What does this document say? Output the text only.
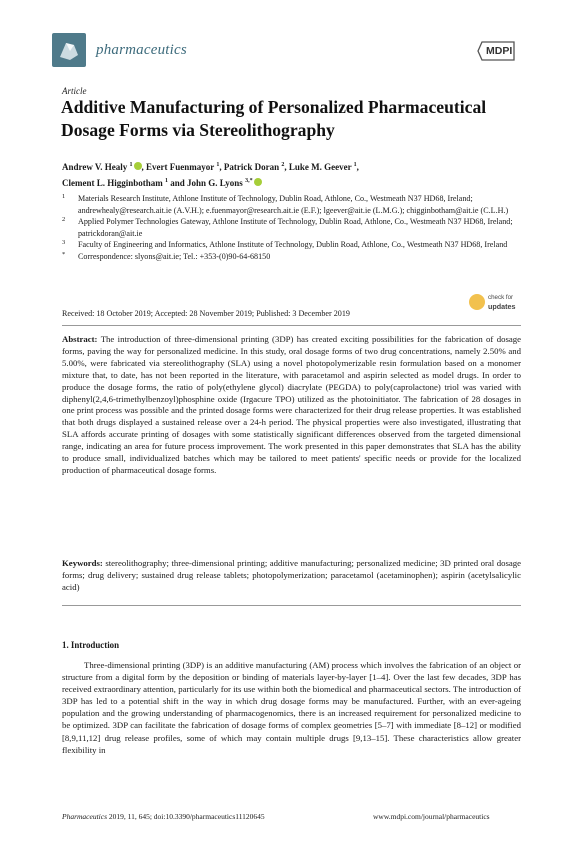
pharmaceutics	MDPI
Article
Additive Manufacturing of Personalized Pharmaceutical Dosage Forms via Stereolithography
Andrew V. Healy $^1$ , Evert Fuenmayor $^1$, Patrick Doran $^2$, Luke M. Geever $^1$,
Clement L. Higginbotham $^1$ and John G. Lyons $^{3,*}$

1 Materials Research Institute, Athlone Institute of Technology, Dublin Road, Athlone, Co., Westmeath N37 HD68, Ireland; andrewhealy@research.ait.ie (A.V.H.); e.fuenmayor@research.ait.ie (E.F.); lgeever@ait.ie (L.M.G.); chigginbotham@ait.ie (C.L.H.)

2 Applied Polymer Technologies Gateway, Athlone Institute of Technology, Dublin Road, Athlone, Co., Westmeath N37 HD68, Ireland; patrickdoran@ait.ie

3 Faculty of Engineering and Informatics, Athlone Institute of Technology, Dublin Road, Athlone, Co., Westmeath N37 HD68, Ireland

* Correspondence: slyons@ait.ie; Tel.: +353-(0)90-64-68150

Received: 18 October 2019; Accepted: 28 November 2019; Published: 3 December 2019
check for
updates
Abstract: The introduction of three-dimensional printing (3DP) has created exciting possibilities for the fabrication of dosage forms, paving the way for personalized medicine. In this study, oral dosage forms of two drug concentrations, namely 2.50% and 5.00%, were fabricated via stereolithography (SLA) using a novel photopolymerizable resin formulation based on a monomer mixture that, to date, has not been reported in the literature, with paracetamol and aspirin selected as model drugs. In order to produce the dosage forms, the ratio of poly(ethylene glycol) diacrylate (PEGDA) to poly(caprolactone) triol was varied with diphenyl(2,4,6-trimethylbenzoyl)phosphine oxide (Irgacure TPO) utilized as the photoinitiator. The fabrication of 28 dosages in one print process was possible and the printed dosage forms were characterized for their drug release properties. It was established that both drugs displayed a sustained release over a 24-h period. The physical properties were also investigated, illustrating that SLA affords accurate printing of dosages with some statistically significant differences observed from the targeted dimensional range, indicating an area for future process improvement. The work presented in this paper demonstrates that SLA has the ability to produce small, individualized batches which may be tailored to meet patients' specific needs or provide for the localized production of pharmaceutical dosage forms.
Keywords: stereolithography; three-dimensional printing; additive manufacturing; personalized medicine; 3D printed oral dosage forms; drug delivery; sustained drug release tablets; photopolymerization; paracetamol (acetaminophen); aspirin (acetylsalicylic acid)
1. Introduction
Three-dimensional printing (3DP) is an additive manufacturing (AM) process which involves the fabrication of an object or structure from a digital form by the deposition or binding of materials layer-by-layer [1–4]. Over the last few decades, 3DP has received extraordinary attention, particularly for its use within both the biomedical and pharmaceutical sectors. The introduction of 3DP has led to a potential shift in the way in which drug dosage forms may be manufactured. Further, with an ever-ageing population and the growing understanding of pharmacogenomics, there is an increased requirement for personalized medicine to be optimized. 3DP can facilitate the fabrication of dosage forms of complex geometries [5–7] with immediate [8–12] or modified [8,9,11,12] drug release profiles, some of which may contain multiple drugs [9,13–15]. These characteristics allow greater flexibility in
Pharmaceutics 2019, 11, 645; doi:10.3390/pharmaceutics11120645	www.mdpi.com/journal/pharmaceutics
